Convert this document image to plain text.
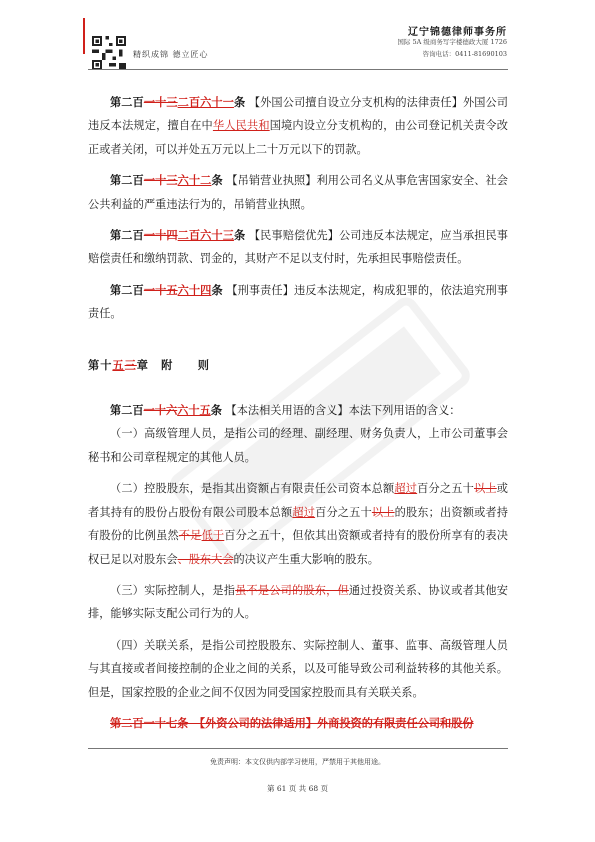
精织成锦 德立匠心
辽宁锦德律师事务所
国际 5A 级商务写字楼德政大厦 1726
咨询电话：0411-81690103

第二百一十三二百六十一条 【外国公司擅自设立分支机构的法律责任】外国公司违反本法规定，擅自在中华人民共和国境内设立分支机构的，由公司登记机关责令改正或者关闭，可以并处五万元以上二十万元以下的罚款。

第二百一十三六十二条 【吊销营业执照】利用公司名义从事危害国家安全、社会公共利益的严重违法行为的，吊销营业执照。

第二百一十四二百六十三条 【民事赔偿优先】公司违反本法规定，应当承担民事赔偿责任和缴纳罚款、罚金的，其财产不足以支付时，先承担民事赔偿责任。

第二百一十五六十四条 【刑事责任】违反本法规定，构成犯罪的，依法追究刑事责任。

第十五三章　附　　则

第二百一十六六十五条 【本法相关用语的含义】本法下列用语的含义：

（一）高级管理人员，是指公司的经理、副经理、财务负责人，上市公司董事会秘书和公司章程规定的其他人员。

（二）控股股东，是指其出资额占有限责任公司资本总额超过百分之五十以上或者其持有的股份占股份有限公司股本总额超过百分之五十以上的股东；出资额或者持有股份的比例虽然不足低于百分之五十，但依其出资额或者持有的股份所享有的表决权已足以对股东会、股东大会的决议产生重大影响的股东。

（三）实际控制人，是指虽不是公司的股东，但通过投资关系、协议或者其他安排，能够实际支配公司行为的人。

（四）关联关系，是指公司控股股东、实际控制人、董事、监事、高级管理人员与其直接或者间接控制的企业之间的关系，以及可能导致公司利益转移的其他关系。但是，国家控股的企业之间不仅因为同受国家控股而具有关联关系。

第二百一十七条　【外资公司的法律适用】外商投资的有限责任公司和股份

免责声明：本文仅供内部学习使用，严禁用于其他用途。
第 61 页 共 68 页
